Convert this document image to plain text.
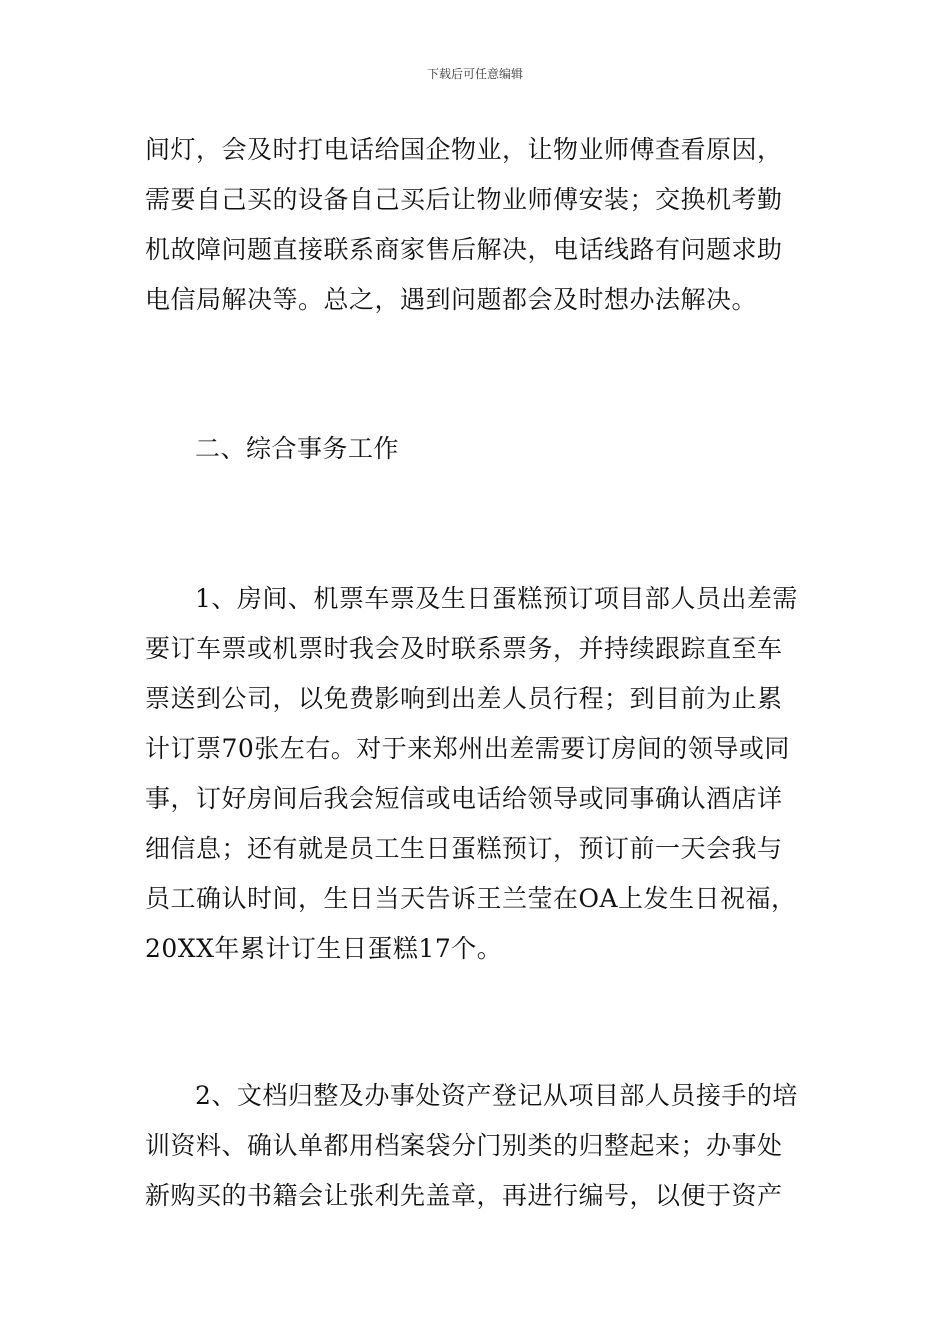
下载后可任意编辑
间灯，会及时打电话给国企物业，让物业师傅查看原因，
需要自己买的设备自己买后让物业师傅安装；交换机考勤
机故障问题直接联系商家售后解决，电话线路有问题求助
电信局解决等。总之，遇到问题都会及时想办法解决。
二、综合事务工作
1、房间、机票车票及生日蛋糕预订项目部人员出差需
要订车票或机票时我会及时联系票务，并持续跟踪直至车
票送到公司，以免费影响到出差人员行程；到目前为止累
计订票70张左右。对于来郑州出差需要订房间的领导或同
事，订好房间后我会短信或电话给领导或同事确认酒店详
细信息；还有就是员工生日蛋糕预订，预订前一天会我与
员工确认时间，生日当天告诉王兰莹在OA上发生日祝福，
20XX年累计订生日蛋糕17个。
2、文档归整及办事处资产登记从项目部人员接手的培
训资料、确认单都用档案袋分门别类的归整起来；办事处
新购买的书籍会让张利先盖章，再进行编号，以便于资产
